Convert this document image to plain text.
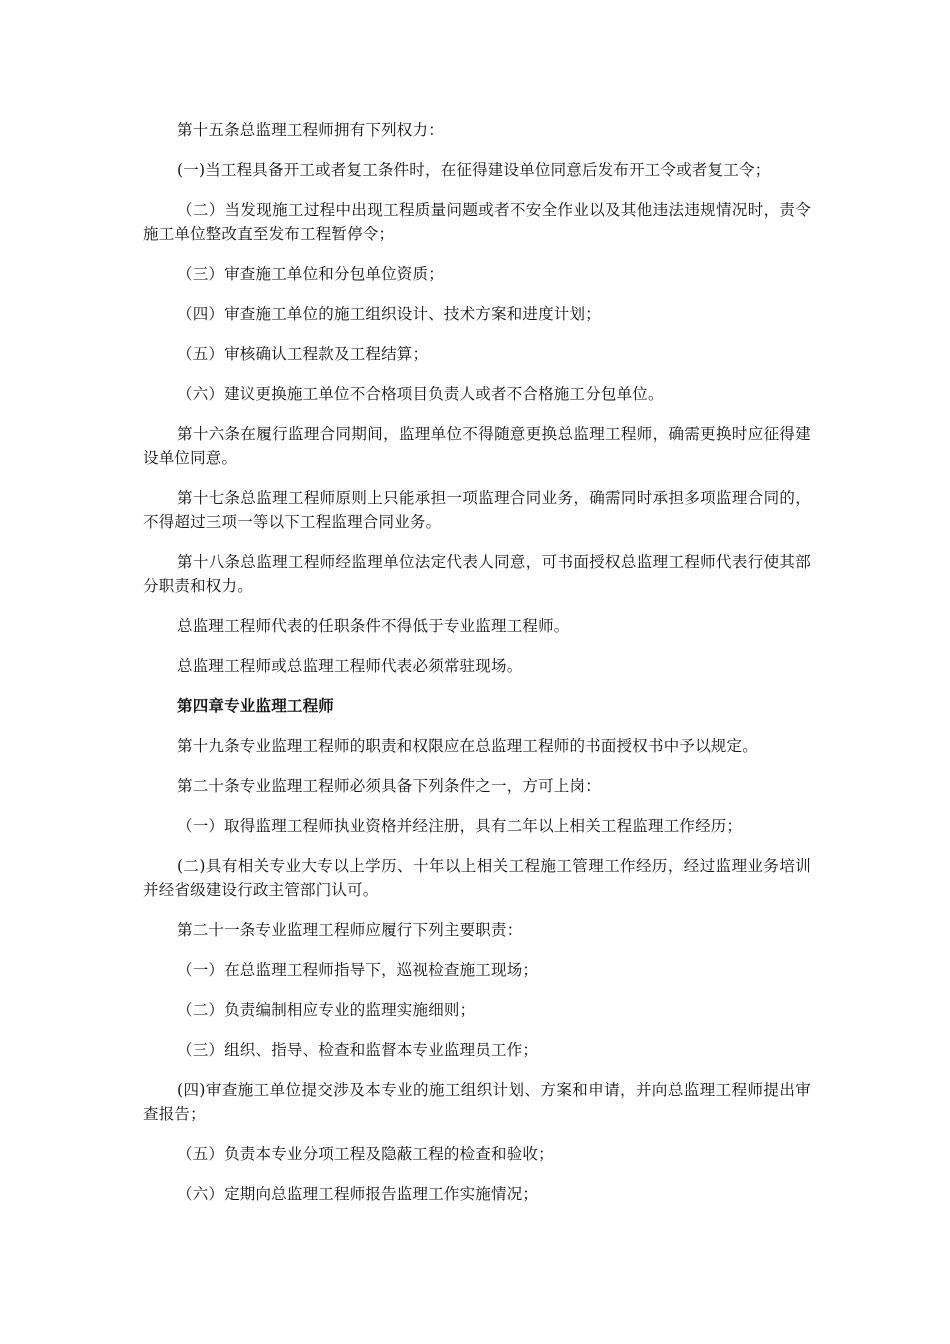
第十五条总监理工程师拥有下列权力：

(一)当工程具备开工或者复工条件时，在征得建设单位同意后发布开工令或者复工令；

（二）当发现施工过程中出现工程质量问题或者不安全作业以及其他违法违规情况时，责令施工单位整改直至发布工程暂停令；

（三）审查施工单位和分包单位资质；

（四）审查施工单位的施工组织设计、技术方案和进度计划；

（五）审核确认工程款及工程结算；

（六）建议更换施工单位不合格项目负责人或者不合格施工分包单位。

第十六条在履行监理合同期间，监理单位不得随意更换总监理工程师，确需更换时应征得建设单位同意。

第十七条总监理工程师原则上只能承担一项监理合同业务，确需同时承担多项监理合同的，不得超过三项一等以下工程监理合同业务。

第十八条总监理工程师经监理单位法定代表人同意，可书面授权总监理工程师代表行使其部分职责和权力。

总监理工程师代表的任职条件不得低于专业监理工程师。

总监理工程师或总监理工程师代表必须常驻现场。

第四章专业监理工程师

第十九条专业监理工程师的职责和权限应在总监理工程师的书面授权书中予以规定。

第二十条专业监理工程师必须具备下列条件之一，方可上岗：

（一）取得监理工程师执业资格并经注册，具有二年以上相关工程监理工作经历；

(二)具有相关专业大专以上学历、十年以上相关工程施工管理工作经历，经过监理业务培训并经省级建设行政主管部门认可。

第二十一条专业监理工程师应履行下列主要职责：

（一）在总监理工程师指导下，巡视检查施工现场；

（二）负责编制相应专业的监理实施细则；

（三）组织、指导、检查和监督本专业监理员工作；

(四)审查施工单位提交涉及本专业的施工组织计划、方案和申请，并向总监理工程师提出审查报告；

（五）负责本专业分项工程及隐蔽工程的检查和验收；

（六）定期向总监理工程师报告监理工作实施情况；
